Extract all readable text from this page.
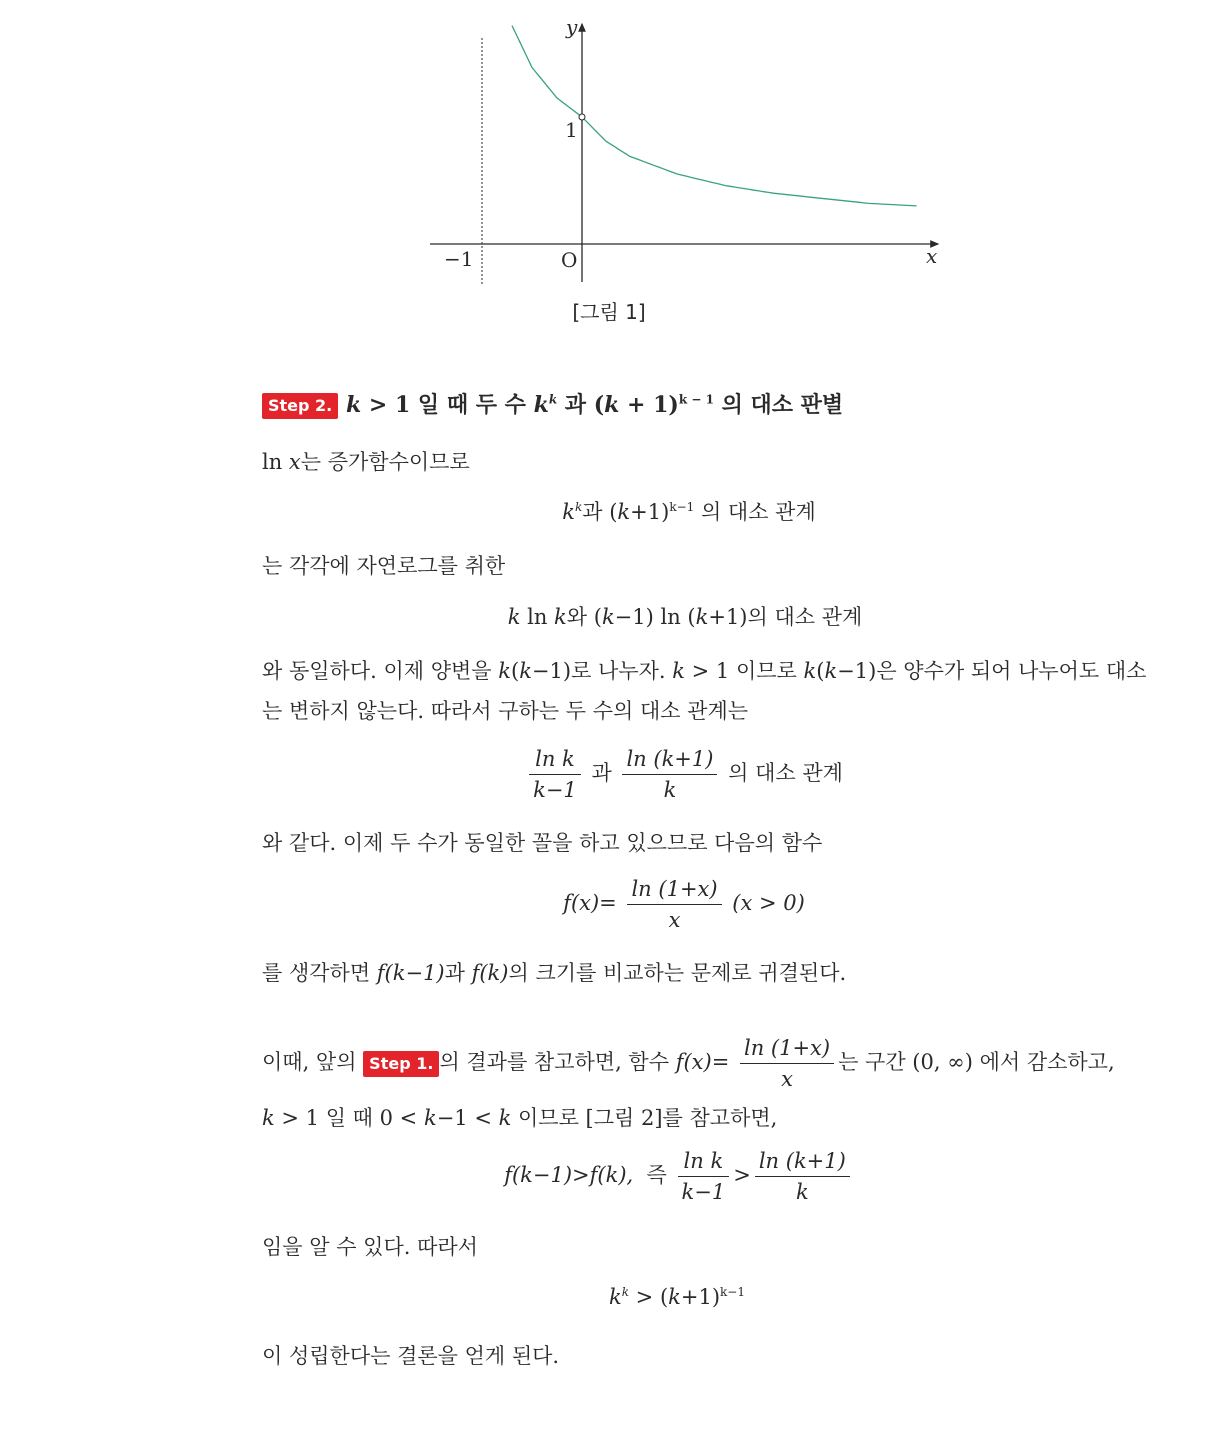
y
1
O
−1	x
[그림 1]
Step 2. k > 1 일 때 두 수 $k^k$ 과 $(k + 1)^{k - 1}$ 의 대소 판별
ln x는 증가함수이므로
$k^k$과 $(k+1)^{k-1}$ 의 대소 관계
는 각각에 자연로그를 취한
k ln k와 (k−1) ln (k+1)의 대소 관계
와 동일하다. 이제 양변을 k(k−1)로 나누자. k > 1 이므로 k(k−1)은 양수가 되어 나누어도 대소
는 변하지 않는다. 따라서 구하는 두 수의 대소 관계는
$\frac{\text{ln k}}{k-1}$ 과 $\frac{\ln (k+1)}{k}$ 의 대소 관계
와 같다. 이제 두 수가 동일한 꼴을 하고 있으므로 다음의 함수
$f(x)= \frac{\ln (1+x)}{x} (x > 0)$
를 생각하면 f(k−1)과 f(k)의 크기를 비교하는 문제로 귀결된다.
이때, 앞의 Step 1. 의 결과를 참고하면, 함수 $f(x)= \frac{\ln (1+x)}{x}$ 는 구간 (0, ∞) 에서 감소하고,
k > 1 일 때 0 < k−1 < k 이므로 [그림 2]를 참고하면,
f(k−1)>f(k), 즉 $\frac{\text{ln k}}{k-1} > \frac{\ln (k+1)}{k}$
임을 알 수 있다. 따라서
$k^k > (k+1)^{k-1}$
이 성립한다는 결론을 얻게 된다.
